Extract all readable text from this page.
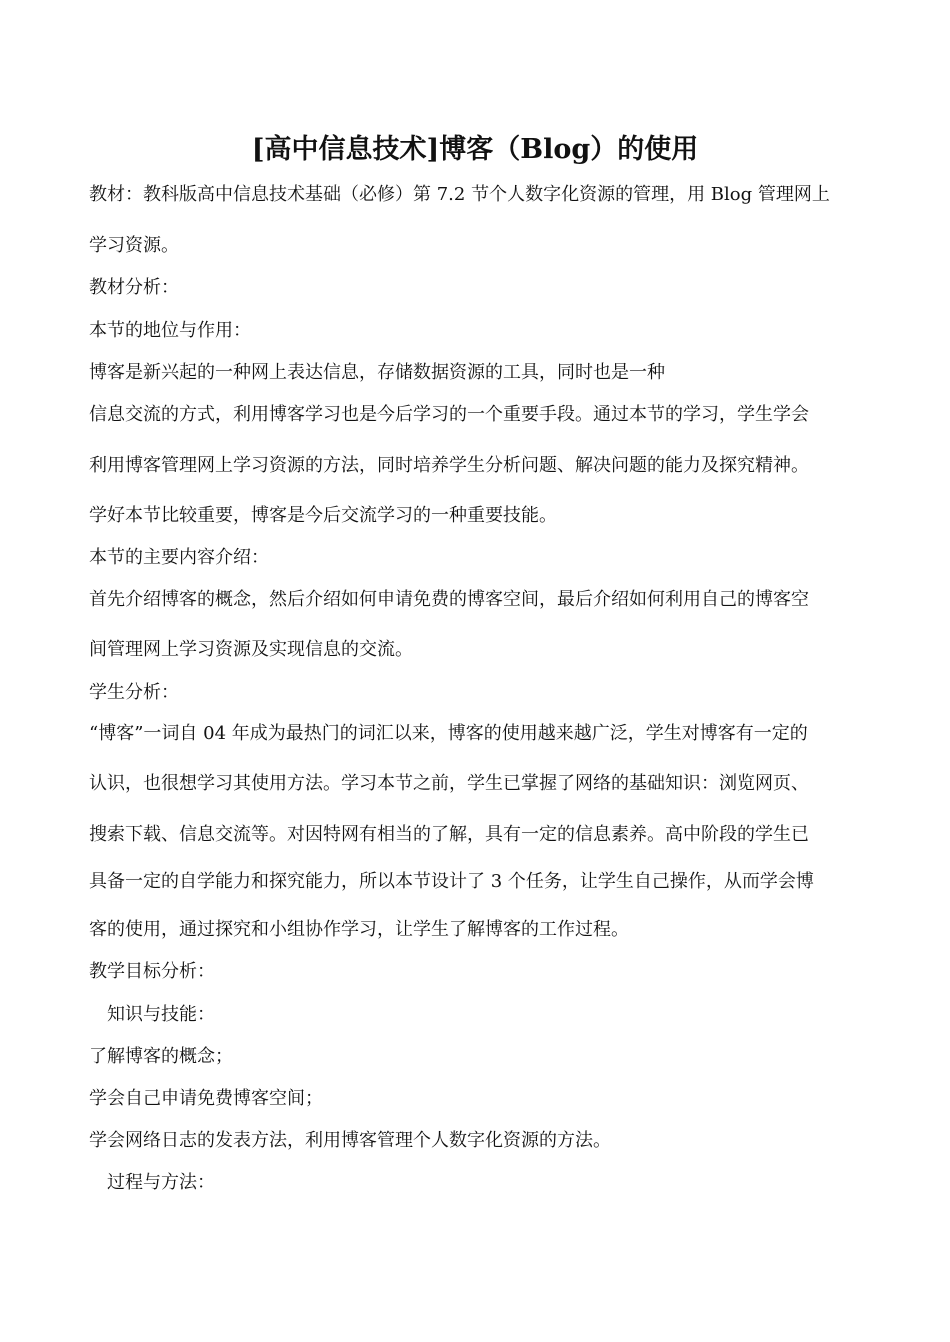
[高中信息技术]博客（Blog）的使用
教材：教科版高中信息技术基础（必修）第 7.2 节个人数字化资源的管理，用 Blog 管理网上
学习资源。
教材分析：
本节的地位与作用：
博客是新兴起的一种网上表达信息，存储数据资源的工具，同时也是一种
信息交流的方式，利用博客学习也是今后学习的一个重要手段。通过本节的学习，学生学会
利用博客管理网上学习资源的方法，同时培养学生分析问题、解决问题的能力及探究精神。
学好本节比较重要，博客是今后交流学习的一种重要技能。
本节的主要内容介绍：
首先介绍博客的概念，然后介绍如何申请免费的博客空间，最后介绍如何利用自己的博客空
间管理网上学习资源及实现信息的交流。
学生分析：
“博客”一词自 04 年成为最热门的词汇以来，博客的使用越来越广泛，学生对博客有一定的
认识，也很想学习其使用方法。学习本节之前，学生已掌握了网络的基础知识：浏览网页、
搜索下载、信息交流等。对因特网有相当的了解，具有一定的信息素养。高中阶段的学生已
具备一定的自学能力和探究能力，所以本节设计了 3 个任务，让学生自己操作，从而学会博
客的使用，通过探究和小组协作学习，让学生了解博客的工作过程。
教学目标分析：
知识与技能：
了解博客的概念；
学会自己申请免费博客空间；
学会网络日志的发表方法，利用博客管理个人数字化资源的方法。
过程与方法：
